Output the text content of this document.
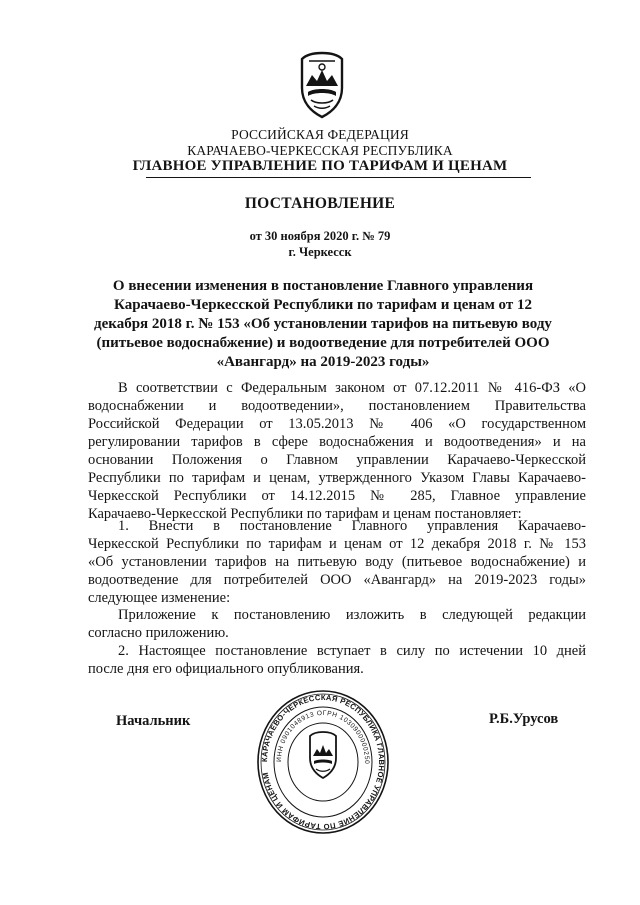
РОССИЙСКАЯ ФЕДЕРАЦИЯ
КАРАЧАЕВО-ЧЕРКЕССКАЯ РЕСПУБЛИКА
ГЛАВНОЕ УПРАВЛЕНИЕ ПО ТАРИФАМ И ЦЕНАМ
ПОСТАНОВЛЕНИЕ
от 30 ноября 2020 г. № 79
г. Черкесск
О внесении изменения в постановление Главного управления
Карачаево-Черкесской Республики по тарифам и ценам от 12
декабря 2018 г. № 153 «Об установлении тарифов на питьевую воду
(питьевое водоснабжение) и водоотведение для потребителей ООО
«Авангард» на 2019-2023 годы»
В соответствии с Федеральным законом от 07.12.2011 № 416-ФЗ «О
водоснабжении и водоотведении», постановлением Правительства
Российской Федерации от 13.05.2013 № 406 «О государственном
регулировании тарифов в сфере водоснабжения и водоотведения» и на
основании Положения о Главном управлении Карачаево-Черкесской
Республики по тарифам и ценам, утвержденного Указом Главы Карачаево-
Черкесской Республики от 14.12.2015 № 285, Главное управление
Карачаево-Черкесской Республики по тарифам и ценам постановляет:
1. Внести в постановление Главного управления Карачаево-
Черкесской Республики по тарифам и ценам от 12 декабря 2018 г. № 153
«Об установлении тарифов на питьевую воду (питьевое водоснабжение) и
водоотведение для потребителей ООО «Авангард» на 2019-2023 годы»
следующее изменение:
Приложение к постановлению изложить в следующей редакции
согласно приложению.
2. Настоящее постановление вступает в силу по истечении 10 дней
после дня его официального опубликования.
Начальник	Р.Б.Урусов
КАРАЧАЕВО-ЧЕРКЕССКАЯ РЕСПУБЛИКА ГЛАВНОЕ УПРАВЛЕНИЕ ПО ТАРИФАМ И ЦЕНАМ
ИНН 0901048913 ОГРН 1030900000250
